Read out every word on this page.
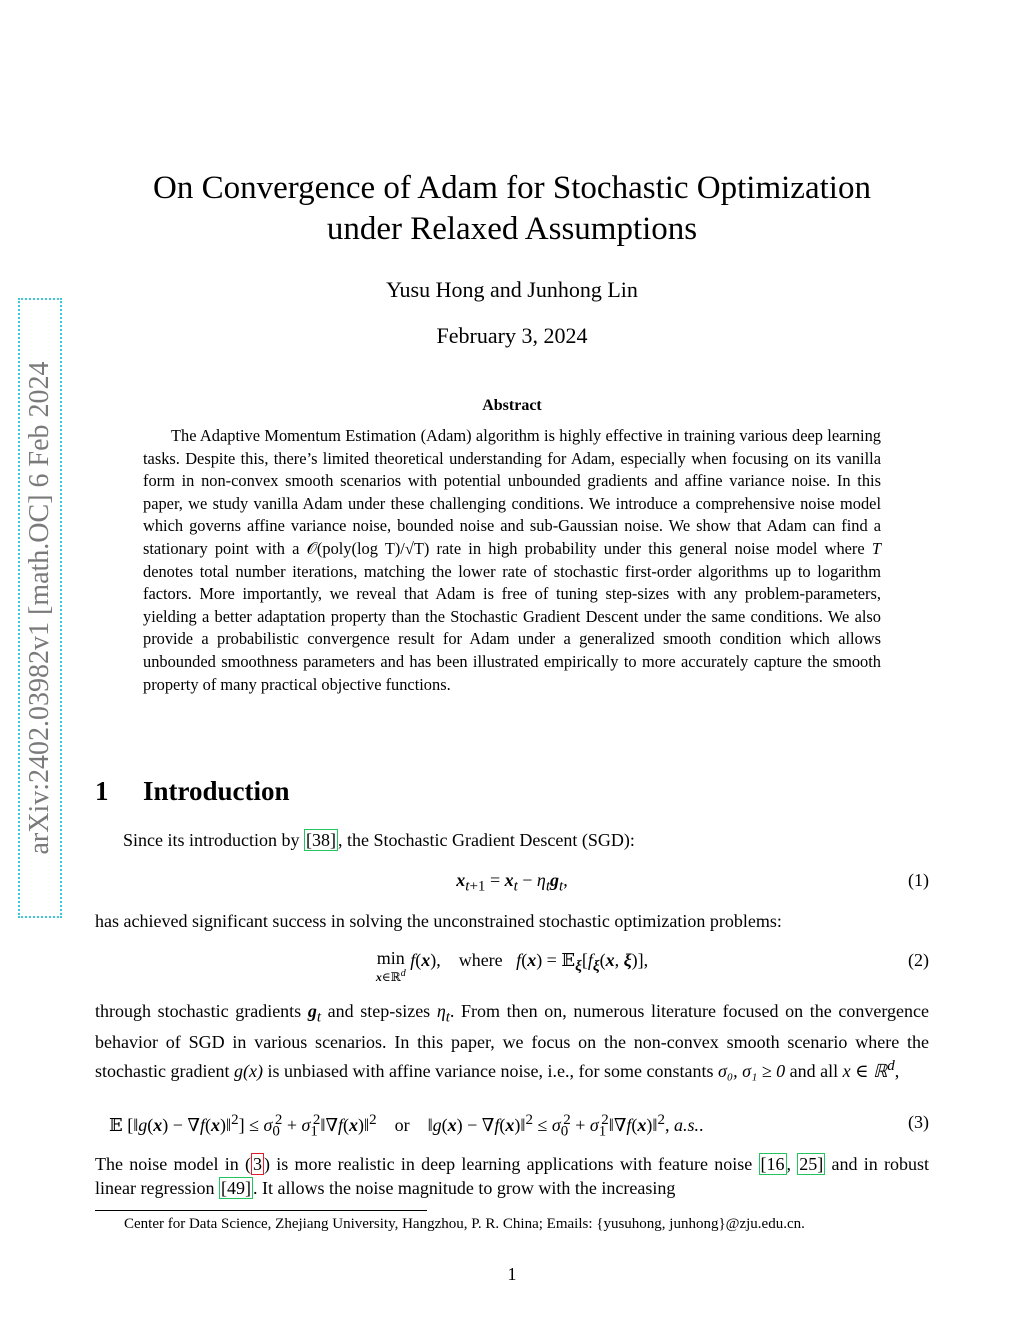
arXiv:2402.03982v1 [math.OC] 6 Feb 2024
On Convergence of Adam for Stochastic Optimization
under Relaxed Assumptions
Yusu Hong and Junhong Lin
February 3, 2024
Abstract
The Adaptive Momentum Estimation (Adam) algorithm is highly effective in training various deep learning tasks. Despite this, there’s limited theoretical understanding for Adam, especially when focusing on its vanilla form in non-convex smooth scenarios with potential unbounded gradients and affine variance noise. In this paper, we study vanilla Adam under these challenging conditions. We introduce a comprehensive noise model which governs affine variance noise, bounded noise and sub-Gaussian noise. We show that Adam can find a stationary point with a 𝒪(poly(log T)/√T) rate in high probability under this general noise model where T denotes total number iterations, matching the lower rate of stochastic first-order algorithms up to logarithm factors. More importantly, we reveal that Adam is free of tuning step-sizes with any problem-parameters, yielding a better adaptation property than the Stochastic Gradient Descent under the same conditions. We also provide a probabilistic convergence result for Adam under a generalized smooth condition which allows unbounded smoothness parameters and has been illustrated empirically to more accurately capture the smooth property of many practical objective functions.
1 Introduction
Since its introduction by [38] , the Stochastic Gradient Descent (SGD):
$x_{t+1} = x_t - \eta_tg_t$,	(1)
has achieved significant success in solving the unconstrained stochastic optimization problems:
min
x∈ℝ$^d$ f(x),    where   $f(x) = 𝔼_\xi[f_\xi(x$, ξ)],	(2)
through stochastic gradients $g_t$ and step-sizes $\eta_t$. From then on, numerous literature focused on the convergence behavior of SGD in various scenarios. In this paper, we focus on the non-convex smooth scenario where the stochastic gradient g(x) is unbiased with affine variance noise, i.e., for some constants σ₀, σ₁ ≥ 0 and all x ∈ ℝ$^d$,
𝔼 [‖g(x) − ∇f(x)‖$^2$] ≤ $\sigma_0^2$ + $\sigma_1^2‖\nabla f(x)‖^2$ or    ‖g(x) − ∇f(x)‖$^2$ ≤ $\sigma_0^2$ + $\sigma_1^2‖\nabla f(x)‖^2$, a.s..	(3)
The noise model in ( 3 ) is more realistic in deep learning applications with feature noise [16 , 25] and in robust linear regression [49] . It allows the noise magnitude to grow with the increasing
Center for Data Science, Zhejiang University, Hangzhou, P. R. China; Emails: {yusuhong, junhong}@zju.edu.cn.
1
